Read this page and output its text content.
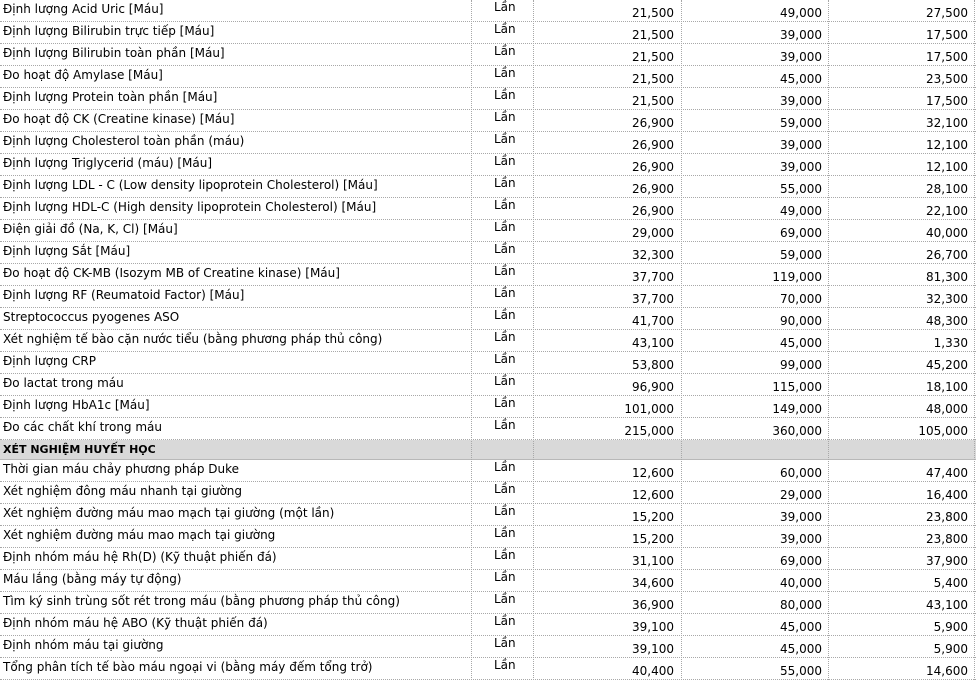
Định lượng Acid Uric [Máu]	Lần	21,500	49,000	27,500
Định lượng Bilirubin trực tiếp [Máu]	Lần	21,500	39,000	17,500
Định lượng Bilirubin toàn phần [Máu]	Lần	21,500	39,000	17,500
Đo hoạt độ Amylase [Máu]	Lần	21,500	45,000	23,500
Định lượng Protein toàn phần [Máu]	Lần	21,500	39,000	17,500
Đo hoạt độ CK (Creatine kinase) [Máu]	Lần	26,900	59,000	32,100
Định lượng Cholesterol toàn phần (máu)	Lần	26,900	39,000	12,100
Định lượng Triglycerid (máu) [Máu]	Lần	26,900	39,000	12,100
Định lượng LDL - C (Low density lipoprotein Cholesterol) [Máu]	Lần	26,900	55,000	28,100
Định lượng HDL-C (High density lipoprotein Cholesterol) [Máu]	Lần	26,900	49,000	22,100
Điện giải đồ (Na, K, Cl) [Máu]	Lần	29,000	69,000	40,000
Định lượng Sắt [Máu]	Lần	32,300	59,000	26,700
Đo hoạt độ CK-MB (Isozym MB of Creatine kinase) [Máu]	Lần	37,700	119,000	81,300
Định lượng RF (Reumatoid Factor) [Máu]	Lần	37,700	70,000	32,300
Streptococcus pyogenes ASO	Lần	41,700	90,000	48,300
Xét nghiệm tế bào cặn nước tiểu (bằng phương pháp thủ công)	Lần	43,100	45,000	1,330
Định lượng CRP	Lần	53,800	99,000	45,200
Đo lactat trong máu	Lần	96,900	115,000	18,100
Định lượng HbA1c [Máu]	Lần	101,000	149,000	48,000
Đo các chất khí trong máu	Lần	215,000	360,000	105,000
XÉT NGHIỆM HUYẾT HỌC
Thời gian máu chảy phương pháp Duke	Lần	12,600	60,000	47,400
Xét nghiệm đông máu nhanh tại giường	Lần	12,600	29,000	16,400
Xét nghiệm đường máu mao mạch tại giường (một lần)	Lần	15,200	39,000	23,800
Xét nghiệm đường máu mao mạch tại giường	Lần	15,200	39,000	23,800
Định nhóm máu hệ Rh(D) (Kỹ thuật phiến đá)	Lần	31,100	69,000	37,900
Máu lắng (bằng máy tự động)	Lần	34,600	40,000	5,400
Tìm ký sinh trùng sốt rét trong máu (bằng phương pháp thủ công)	Lần	36,900	80,000	43,100
Định nhóm máu hệ ABO (Kỹ thuật phiến đá)	Lần	39,100	45,000	5,900
Định nhóm máu tại giường	Lần	39,100	45,000	5,900
Tổng phân tích tế bào máu ngoại vi (bằng máy đếm tổng trở)	Lần	40,400	55,000	14,600
